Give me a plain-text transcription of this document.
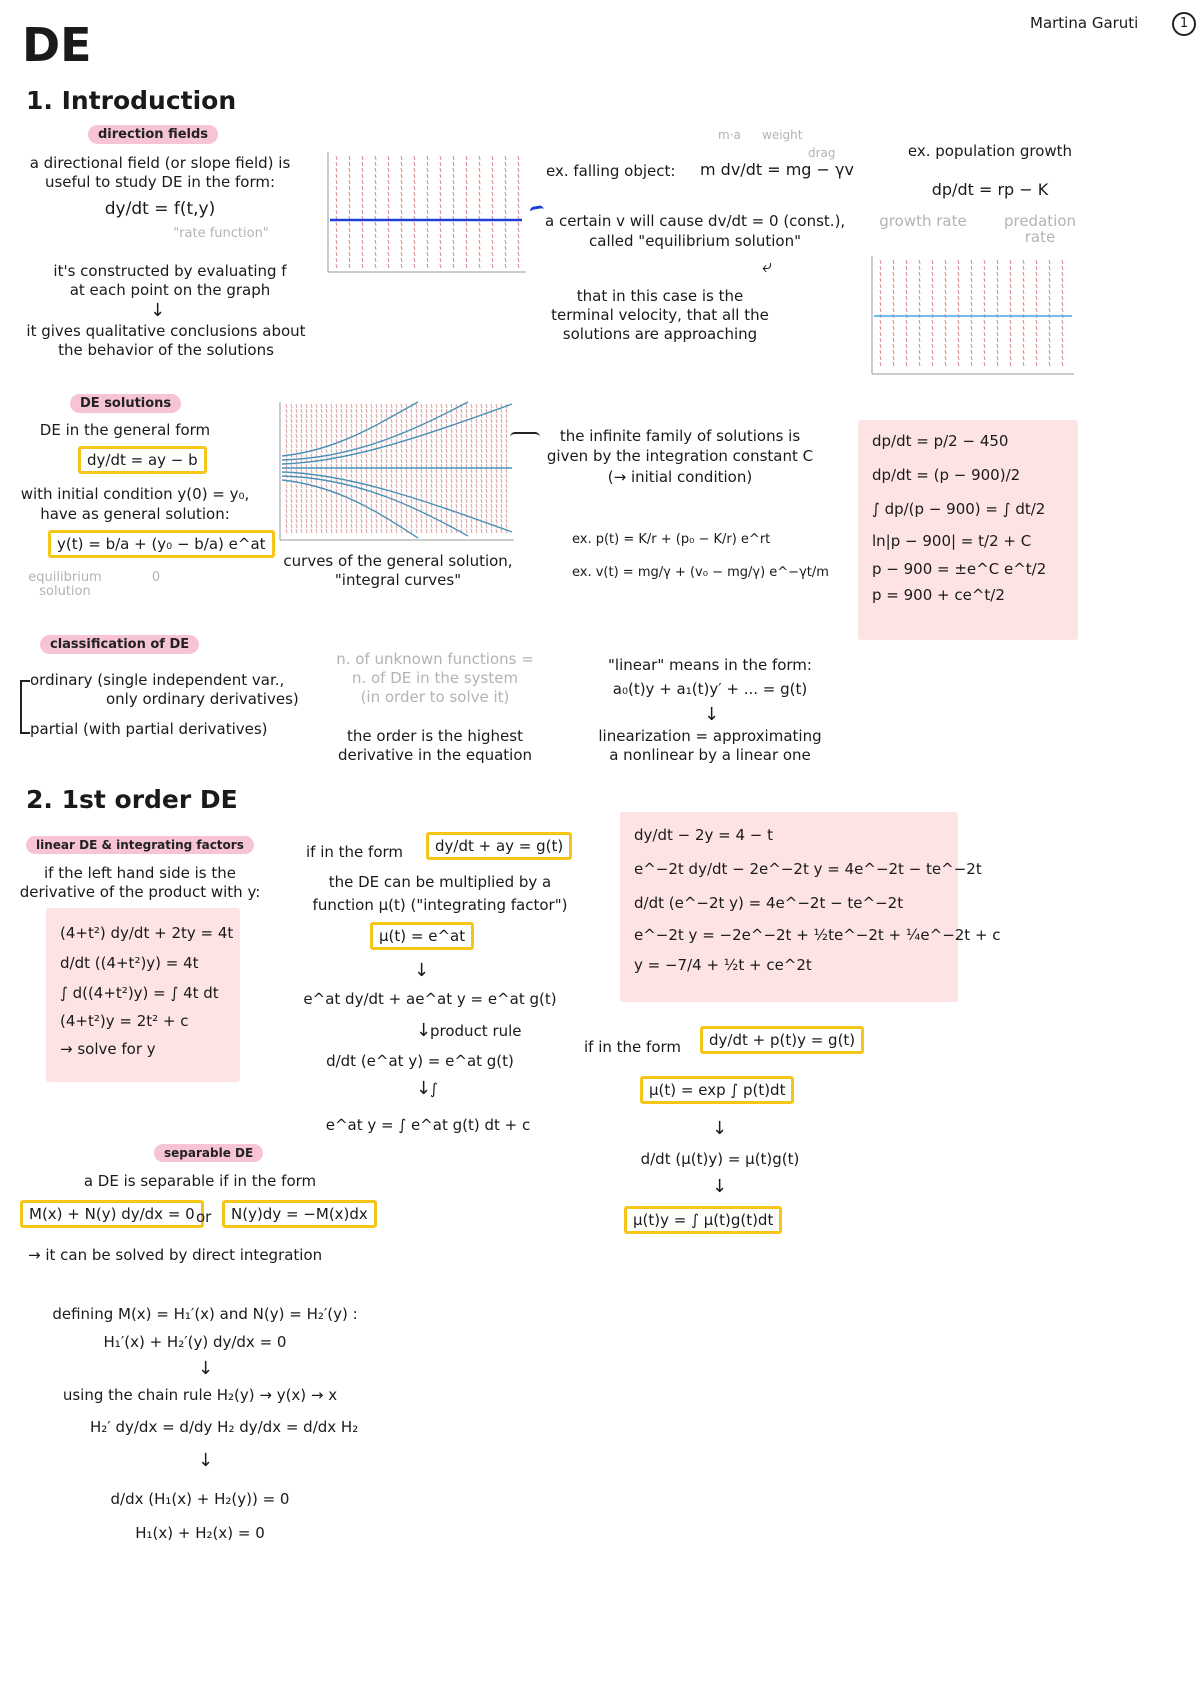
DE	Martina Garuti	1
1. Introduction
direction fields
a directional field (or slope field) is
useful to study DE in the form:
dy/dt = f(t,y)
"rate function"
it's constructed by evaluating f
at each point on the graph
↓
it gives qualitative conclusions about
the behavior of the solutions
m·a weight
drag
ex. falling object: m dv/dt = mg − γv
a certain v will cause dv/dt = 0 (const.),
called "equilibrium solution"
⤶
that in this case is the
terminal velocity, that all the
solutions are approaching
ex. population growth
dp/dt = rp − K
growth rate	predation
rate
DE solutions
DE in the general form
dy/dt = ay − b
with initial condition y(0) = y₀,
have as general solution:
y(t) = b/a + (y₀ − b/a) e^at
equilibrium
solution
0
curves of the general solution,
"integral curves"
the infinite family of solutions is
given by the integration constant C
(→ initial condition)
ex. p(t) = K/r + (p₀ − K/r) e^rt
ex. v(t) = mg/γ + (v₀ − mg/γ) e^−γt/m
dp/dt = p/2 − 450
dp/dt = (p − 900)/2
∫ dp/(p − 900) = ∫ dt/2
ln|p − 900| = t/2 + C
p − 900 = ±e^C e^t/2
p = 900 + ce^t/2
classification of DE
ordinary (single independent var.,
only ordinary derivatives)
partial (with partial derivatives)
n. of unknown functions =
n. of DE in the system
(in order to solve it)
the order is the highest
derivative in the equation
"linear" means in the form:
a₀(t)y + a₁(t)y′ + ... = g(t)
↓
linearization = approximating
a nonlinear by a linear one
2. 1st order DE
linear DE & integrating factors
if the left hand side is the
derivative of the product with y:
(4+t²) dy/dt + 2ty = 4t
d/dt ((4+t²)y) = 4t
∫ d((4+t²)y) = ∫ 4t dt
(4+t²)y = 2t² + c
→ solve for y
if in the form	dy/dt + ay = g(t)
the DE can be multiplied by a
function μ(t) ("integrating factor")
μ(t) = e^at
↓
e^at dy/dt + ae^at y = e^at g(t)
↓
product rule
d/dt (e^at y) = e^at g(t)
↓
∫
e^at y = ∫ e^at g(t) dt + c
dy/dt − 2y = 4 − t
e^−2t dy/dt − 2e^−2t y = 4e^−2t − te^−2t
d/dt (e^−2t y) = 4e^−2t − te^−2t
e^−2t y = −2e^−2t + ½te^−2t + ¼e^−2t + c
y = −7/4 + ½t + ce^2t
if in the form	dy/dt + p(t)y = g(t)
μ(t) = exp ∫ p(t)dt
↓
d/dt (μ(t)y) = μ(t)g(t)
↓
μ(t)y = ∫ μ(t)g(t)dt
separable DE
a DE is separable if in the form
M(x) + N(y) dy/dx = 0 or	N(y)dy = −M(x)dx
→ it can be solved by direct integration
defining M(x) = H₁′(x) and N(y) = H₂′(y) :
H₁′(x) + H₂′(y) dy/dx = 0
↓
using the chain rule H₂(y) → y(x) → x
H₂′ dy/dx = d/dy H₂ dy/dx = d/dx H₂
↓
d/dx (H₁(x) + H₂(y)) = 0
H₁(x) + H₂(x) = 0
